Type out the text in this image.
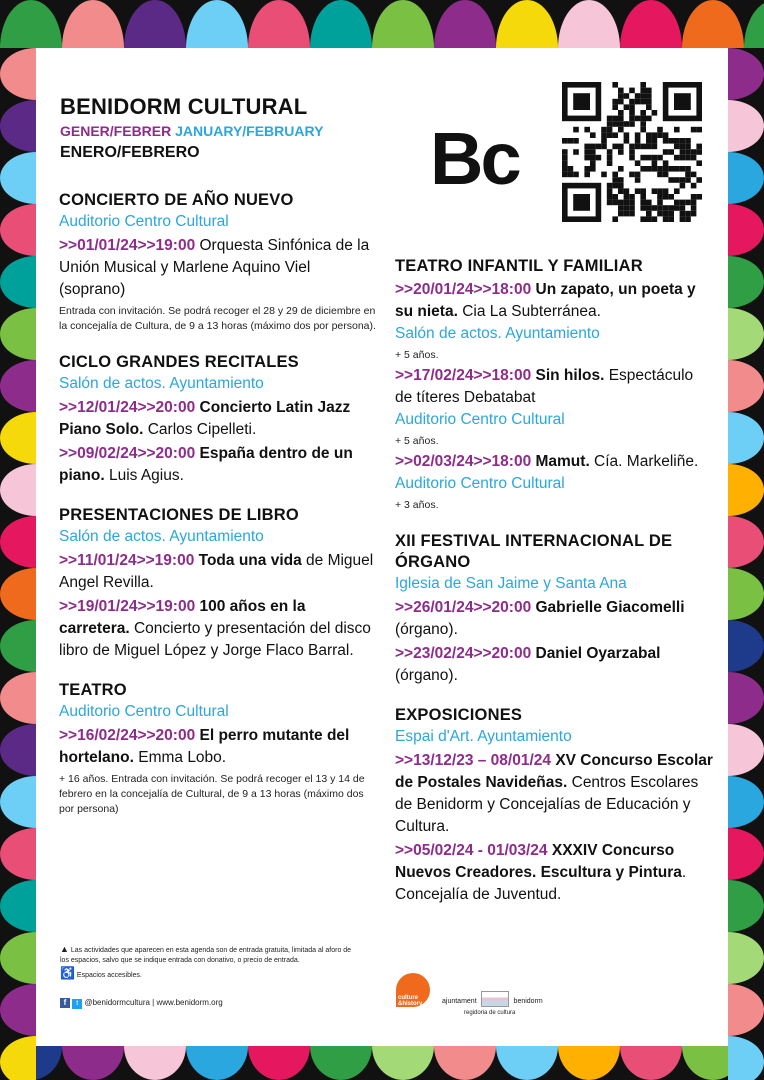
BENIDORM CULTURAL
GENER/FEBRER JANUARY/FEBRUARY
ENERO/FEBRERO	Bc
CONCIERTO DE AÑO NUEVO
Auditorio Centro Cultural
>>01/01/24>>19:00 Orquesta Sinfónica de la Unión Musical y Marlene Aquino Viel (soprano)
Entrada con invitación. Se podrá recoger el 28 y 29 de diciembre en la concejalía de Cultura, de 9 a 13 horas (máximo dos por persona).
CICLO GRANDES RECITALES
Salón de actos. Ayuntamiento
>>12/01/24>>20:00 Concierto Latin Jazz Piano Solo. Carlos Cipelleti.
>>09/02/24>>20:00 España dentro de un piano. Luis Agius.
PRESENTACIONES DE LIBRO
Salón de actos. Ayuntamiento
>>11/01/24>>19:00 Toda una vida de Miguel Angel Revilla.
>>19/01/24>>19:00 100 años en la carretera. Concierto y presentación del disco libro de Miguel López y Jorge Flaco Barral.
TEATRO
Auditorio Centro Cultural
>>16/02/24>>20:00 El perro mutante del hortelano. Emma Lobo.
+ 16 años. Entrada con invitación. Se podrá recoger el 13 y 14 de febrero en la concejalía de Cultural, de 9 a 13 horas (máximo dos por persona)
TEATRO INFANTIL Y FAMILIAR
>>20/01/24>>18:00 Un zapato, un poeta y su nieta. Cia La Subterránea.
Salón de actos. Ayuntamiento
+ 5 años.
>>17/02/24>>18:00 Sin hilos. Espectáculo de títeres Debatabat
Auditorio Centro Cultural
+ 5 años.
>>02/03/24>>18:00 Mamut. Cía. Markeliñe. Auditorio Centro Cultural
+ 3 años.
XII FESTIVAL INTERNACIONAL DE ÓRGANO
Iglesia de San Jaime y Santa Ana
>>26/01/24>>20:00 Gabrielle Giacomelli (órgano).
>>23/02/24>>20:00 Daniel Oyarzabal (órgano).
EXPOSICIONES
Espai d'Art. Ayuntamiento
>>13/12/23 – 08/01/24 XV Concurso Escolar de Postales Navideñas. Centros Escolares de Benidorm y Concejalías de Educación y Cultura.
>>05/02/24 - 01/03/24 XXXIV Concurso Nuevos Creadores. Escultura y Pintura. Concejalía de Juventud.
▲ Las actividades que aparecen en esta agenda son de entrada gratuita, limitada al aforo de los espacios, salvo que se indique entrada con donativo, o precio de entrada.
♿ Espacios accesibles.
f t @benidormcultura | www.benidorm.org	culture &history	ajuntament	benidorm
regidoria de cultura
